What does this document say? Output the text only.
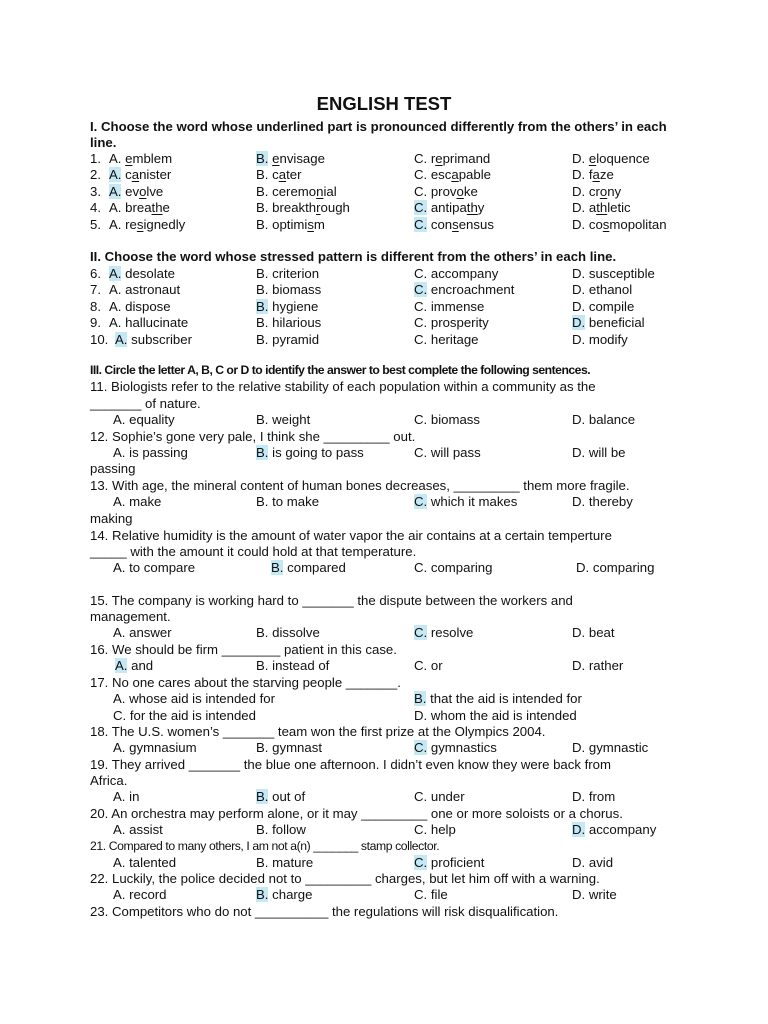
ENGLISH TEST
I. Choose the word whose underlined part is pronounced differently from the others’ in each
line.
1. A. emblem	B. envisage	C. reprimand	D. eloquence
2. A. canister	B. cater	C. escapable	D. faze
3. A. evolve	B. ceremonial	C. provoke	D. crony
4. A. breathe	B. breakthrough	C. antipathy	D. athletic
5. A. resignedly	B. optimism	C. consensus	D. cosmopolitan
II. Choose the word whose stressed pattern is different from the others’ in each line.
6. A. desolate	B. criterion	C. accompany	D. susceptible
7. A. astronaut	B. biomass	C. encroachment	D. ethanol
8. A. dispose	B. hygiene	C. immense	D. compile
9. A. hallucinate	B. hilarious	C. prosperity	D. beneficial
10. A. subscriber	B. pyramid	C. heritage	D. modify
III. Circle the letter A, B, C or D to identify the answer to best complete the following sentences.
11. Biologists refer to the relative stability of each population within a community as the
_______ of nature.
A. equality	B. weight	C. biomass	D. balance
12. Sophie’s gone very pale, I think she _________ out.
A. is passing	B. is going to pass	C. will pass	D. will be
passing
13. With age, the mineral content of human bones decreases, _________ them more fragile.
A. make	B. to make	C. which it makes	D. thereby
making
14. Relative humidity is the amount of water vapor the air contains at a certain temperture
_____ with the amount it could hold at that temperature.
A. to compare	B. compared	C. comparing	D. comparing
15. The company is working hard to _______ the dispute between the workers and
management.
A. answer	B. dissolve	C. resolve	D. beat
16. We should be firm ________ patient in this case.
A. and	B. instead of	C. or	D. rather
17. No one cares about the starving people _______.
A. whose aid is intended for	B. that the aid is intended for
C. for the aid is intended	D. whom the aid is intended
18. The U.S. women’s _______ team won the first prize at the Olympics 2004.
A. gymnasium	B. gymnast	C. gymnastics	D. gymnastic
19. They arrived _______ the blue one afternoon. I didn’t even know they were back from
Africa.
A. in	B. out of	C. under	D. from
20. An orchestra may perform alone, or it may _________ one or more soloists or a chorus.
A. assist	B. follow	C. help	D. accompany
21. Compared to many others, I am not a(n) _______ stamp collector.
A. talented	B. mature	C. proficient	D. avid
22. Luckily, the police decided not to _________ charges, but let him off with a warning.
A. record	B. charge	C. file	D. write
23. Competitors who do not __________ the regulations will risk disqualification.
